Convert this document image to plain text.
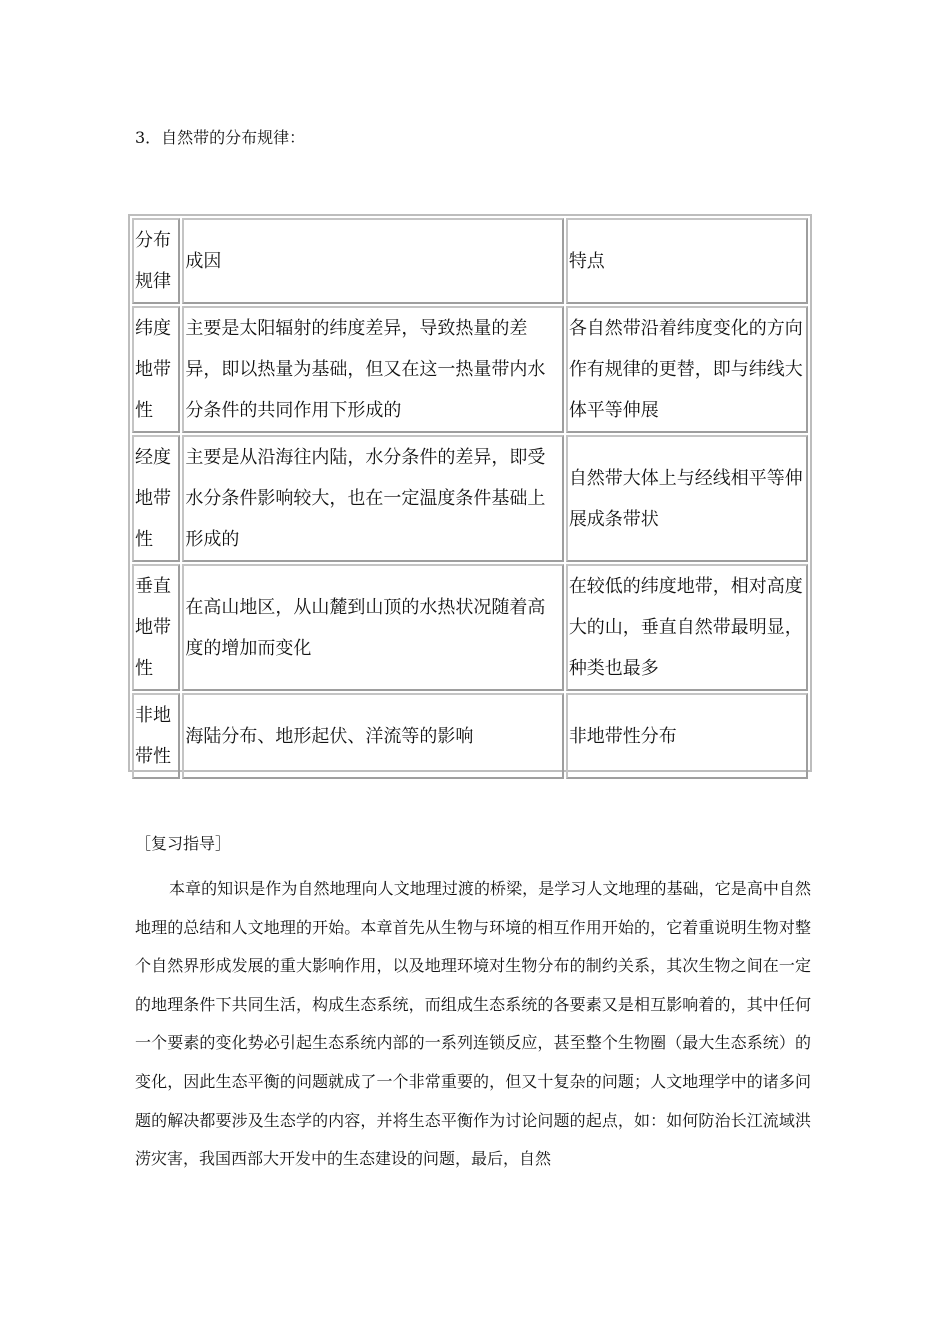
3．自然带的分布规律：
分布规律	成因	特点
纬度地带性	主要是太阳辐射的纬度差异，导致热量的差异，即以热量为基础，但又在这一热量带内水分条件的共同作用下形成的	各自然带沿着纬度变化的方向作有规律的更替，即与纬线大体平等伸展
经度地带性	主要是从沿海往内陆，水分条件的差异，即受水分条件影响较大，也在一定温度条件基础上形成的	自然带大体上与经线相平等伸展成条带状
垂直地带性	在高山地区，从山麓到山顶的水热状况随着高度的增加而变化	在较低的纬度地带，相对高度大的山，垂直自然带最明显，种类也最多
非地带性	海陆分布、地形起伏、洋流等的影响	非地带性分布
［复习指导］

本章的知识是作为自然地理向人文地理过渡的桥梁，是学习人文地理的基础，它是高中自然地理的总结和人文地理的开始。本章首先从生物与环境的相互作用开始的，它着重说明生物对整个自然界形成发展的重大影响作用，以及地理环境对生物分布的制约关系，其次生物之间在一定的地理条件下共同生活，构成生态系统，而组成生态系统的各要素又是相互影响着的，其中任何一个要素的变化势必引起生态系统内部的一系列连锁反应，甚至整个生物圈（最大生态系统）的变化，因此生态平衡的问题就成了一个非常重要的，但又十复杂的问题；人文地理学中的诸多问题的解决都要涉及生态学的内容，并将生态平衡作为讨论问题的起点，如：如何防治长江流域洪涝灾害，我国西部大开发中的生态建设的问题，最后，自然
